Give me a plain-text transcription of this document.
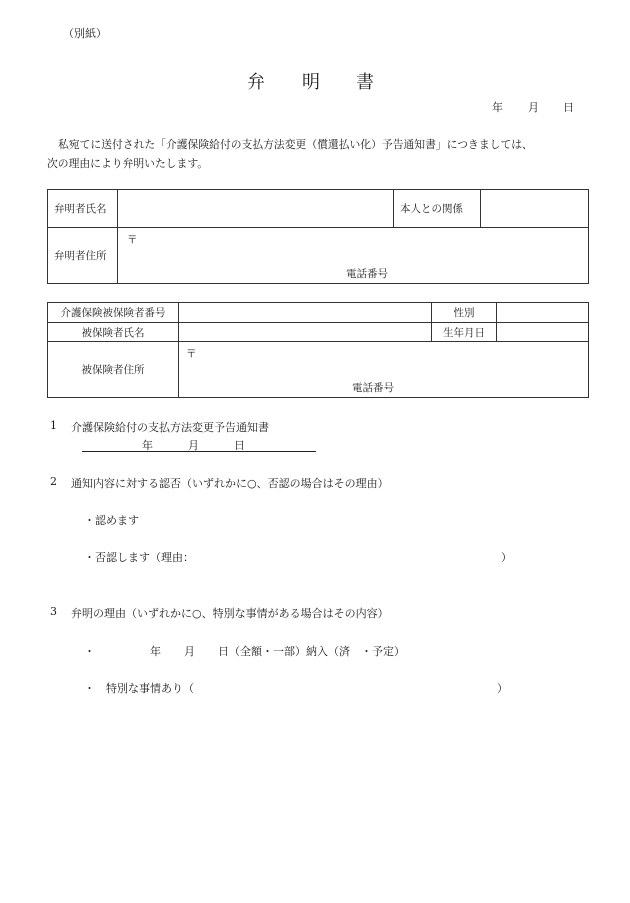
（別紙）
弁 明 書
年 月 日
私宛てに送付された「介護保険給付の支払方法変更（償還払い化）予告通知書」につきましては、
次の理由により弁明いたします。
弁明者氏名		本人との関係	
弁明者住所	〒
電話番号		
介護保険被保険者番号		性別	
被保険者氏名		生年月日	
被保険者住所	〒
電話番号		
1 介護保険給付の支払方法変更予告通知書
年	月	日
2 通知内容に対する認否（いずれかに○、否認の場合はその理由）
・認めます
・否認します（理由：	）
3 弁明の理由（いずれかに○、特別な事情がある場合はその内容）
・	年 月 日（全額・一部）納入（済　・予定）
・　特別な事情あり（	）
